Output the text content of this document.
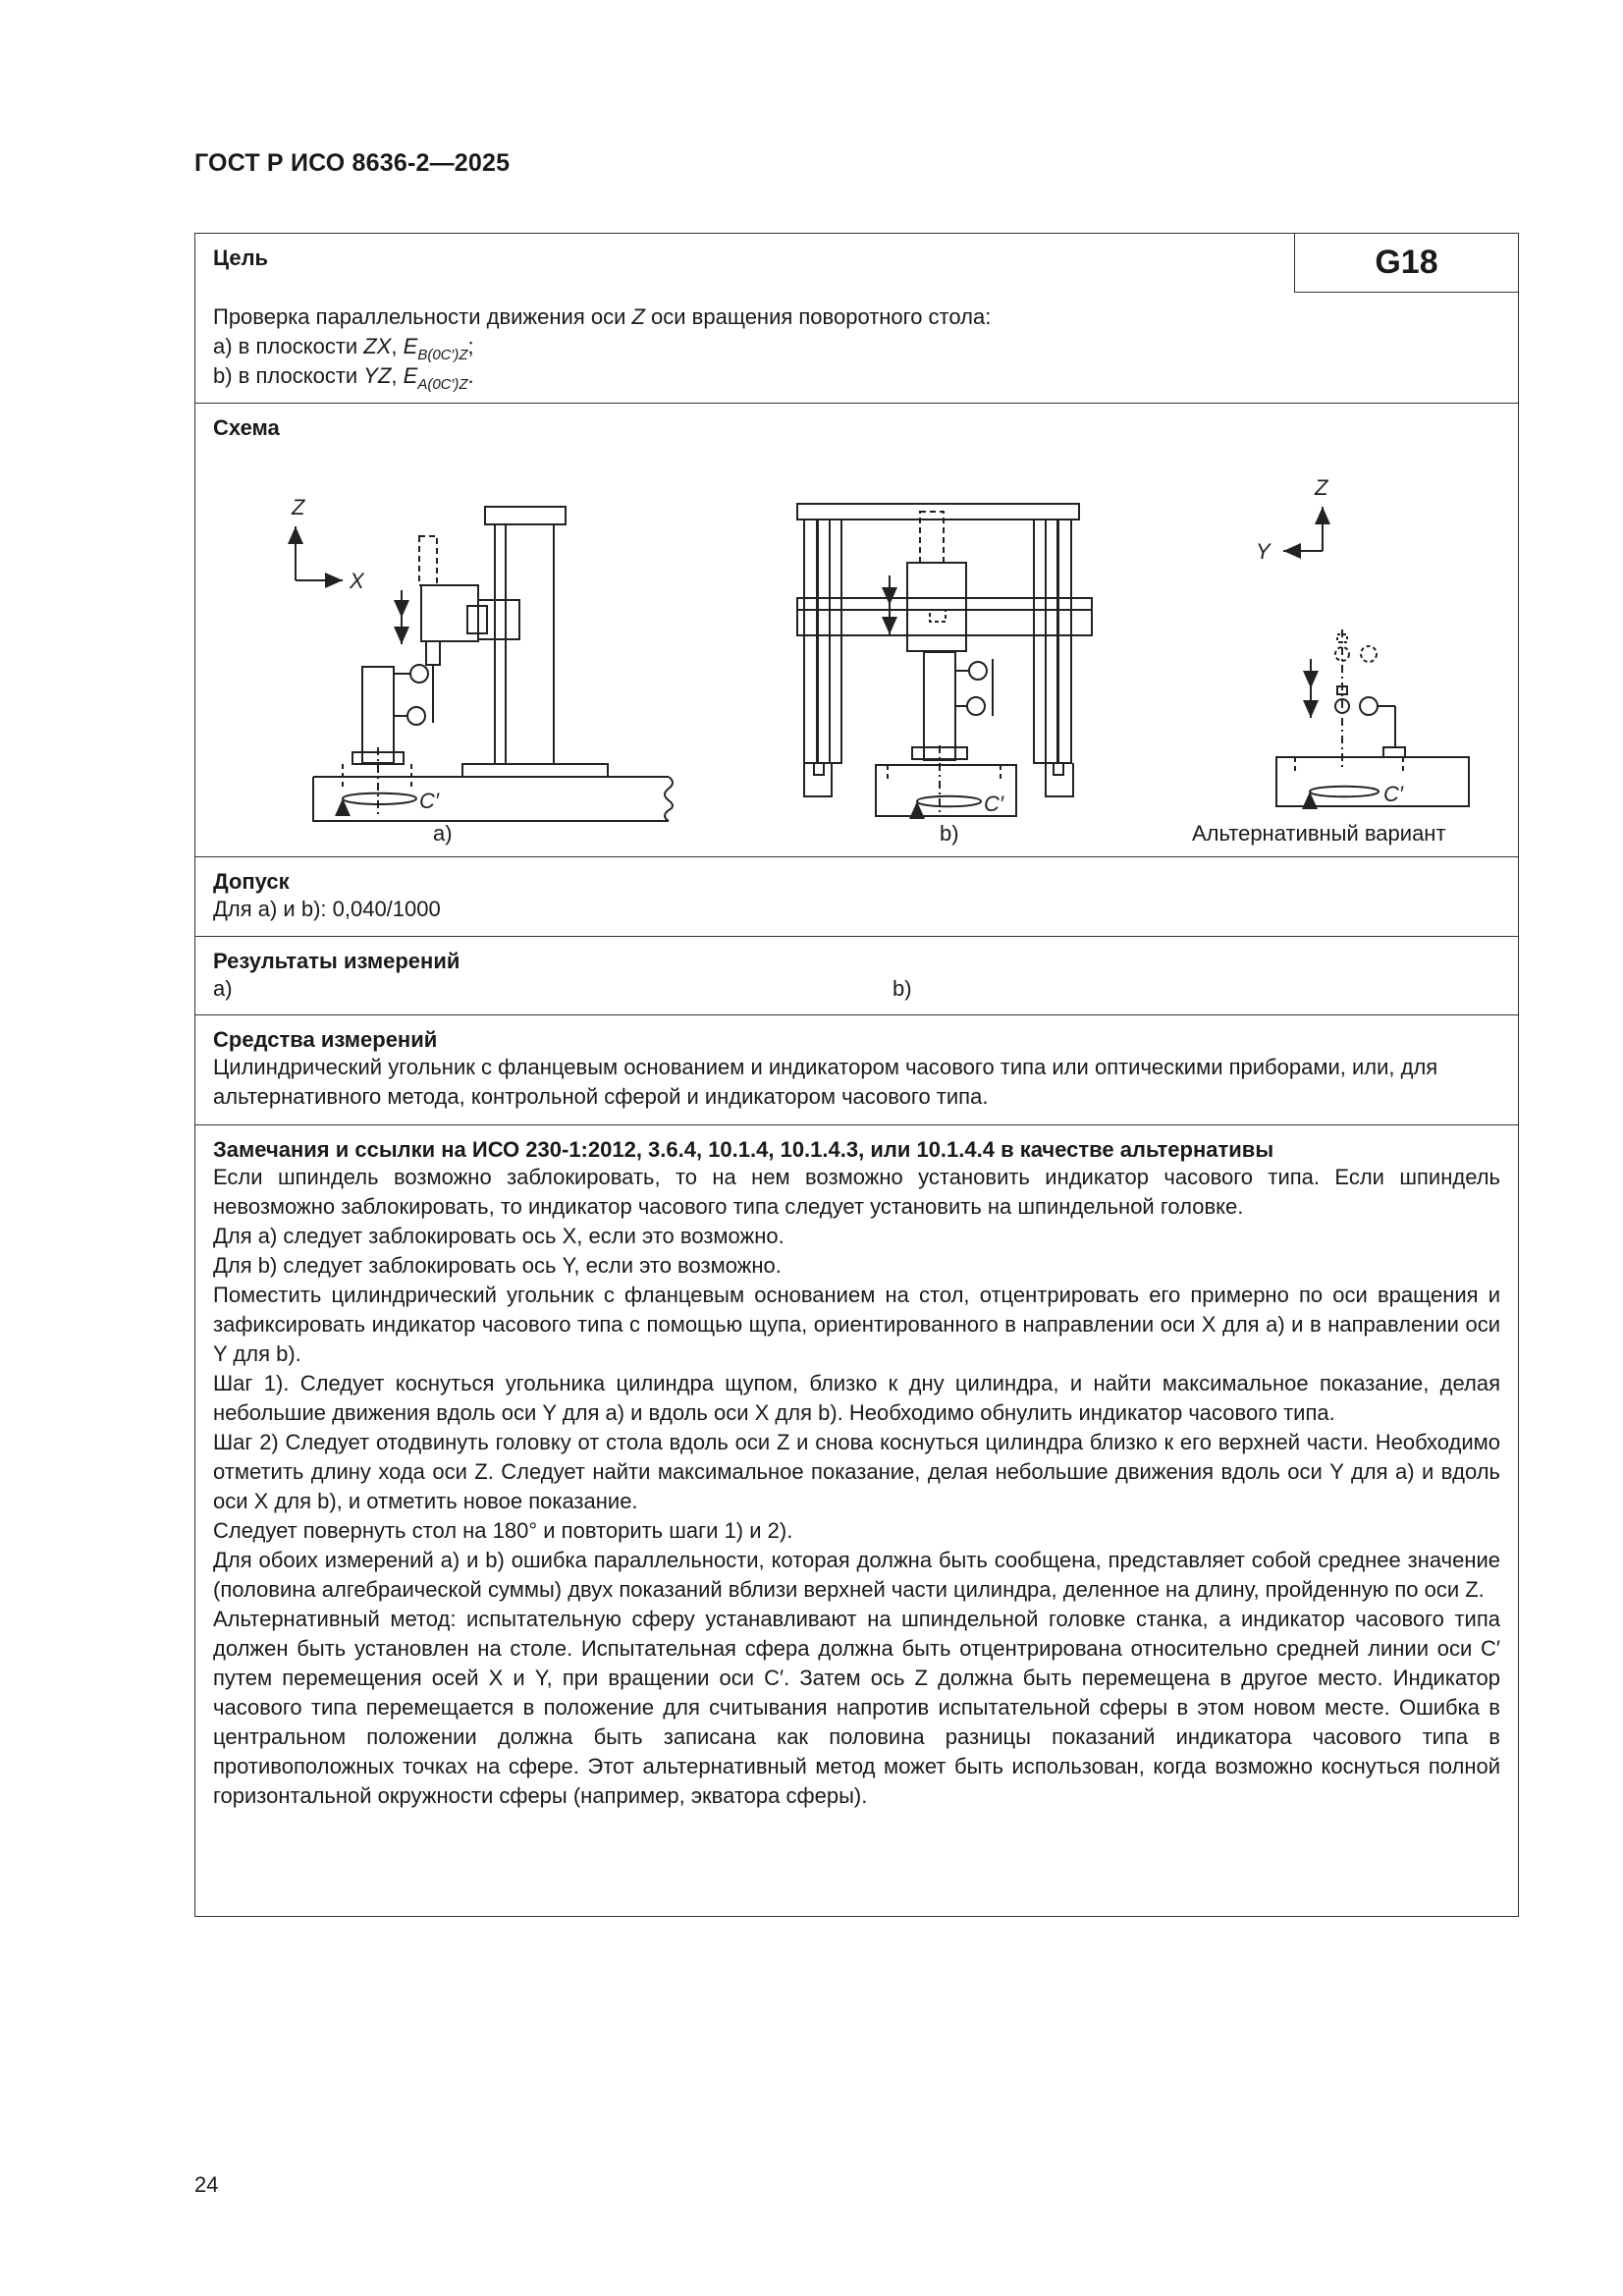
ГОСТ Р ИСО 8636-2—2025
Цель	G18
Проверка параллельности движения оси Z оси вращения поворотного стола:
a) в плоскости ZX, $E_{B(0C')Z}$;
b) в плоскости YZ, $E_{A(0C')Z}$.
Схема
Z
X
C′	C′
Z
Y
C′
a)	b)	Альтернативный вариант
Допуск
Для a) и b): 0,040/1000
Результаты измерений
a)	b)
Средства измерений
Цилиндрический угольник с фланцевым основанием и индикатором часового типа или оптическими приборами, или, для альтернативного метода, контрольной сферой и индикатором часового типа.
Замечания и ссылки на ИСО 230-1:2012, 3.6.4, 10.1.4, 10.1.4.3, или 10.1.4.4 в качестве альтернативы
Если шпиндель возможно заблокировать, то на нем возможно установить индикатор часового типа. Если шпиндель невозможно заблокировать, то индикатор часового типа следует установить на шпиндельной головке.
Для a) следует заблокировать ось X, если это возможно.
Для b) следует заблокировать ось Y, если это возможно.
Поместить цилиндрический угольник с фланцевым основанием на стол, отцентрировать его примерно по оси вращения и зафиксировать индикатор часового типа с помощью щупа, ориентированного в направлении оси X для a) и в направлении оси Y для b).
Шаг 1). Следует коснуться угольника цилиндра щупом, близко к дну цилиндра, и найти максимальное показание, делая небольшие движения вдоль оси Y для a) и вдоль оси X для b). Необходимо обнулить индикатор часового типа.
Шаг 2) Следует отодвинуть головку от стола вдоль оси Z и снова коснуться цилиндра близко к его верхней части. Необходимо отметить длину хода оси Z. Следует найти максимальное показание, делая небольшие движения вдоль оси Y для a) и вдоль оси X для b), и отметить новое показание.
Следует повернуть стол на 180° и повторить шаги 1) и 2).
Для обоих измерений a) и b) ошибка параллельности, которая должна быть сообщена, представляет собой среднее значение (половина алгебраической суммы) двух показаний вблизи верхней части цилиндра, деленное на длину, пройденную по оси Z.
Альтернативный метод: испытательную сферу устанавливают на шпиндельной головке станка, а индикатор часового типа должен быть установлен на столе. Испытательная сфера должна быть отцентрирована относительно средней линии оси C′ путем перемещения осей X и Y, при вращении оси C′. Затем ось Z должна быть перемещена в другое место. Индикатор часового типа перемещается в положение для считывания напротив испытательной сферы в этом новом месте. Ошибка в центральном положении должна быть записана как половина разницы показаний индикатора часового типа в противоположных точках на сфере. Этот альтернативный метод может быть использован, когда возможно коснуться полной горизонтальной окружности сферы (например, экватора сферы).
24
